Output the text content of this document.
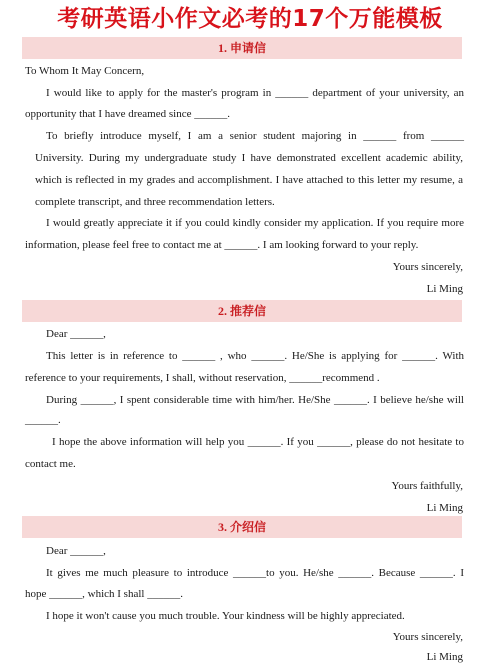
考研英语小作文必考的17个万能模板
1. 申请信
To Whom It May Concern,
I would like to apply for the master's program in ______ department of your university, an
opportunity that I have dreamed since ______.
To briefly introduce myself, I am a senior student majoring in ______ from ______
University. During my undergraduate study I have demonstrated excellent academic ability,
which is reflected in my grades and accomplishment. I have attached to this letter my resume, a
complete transcript, and three recommendation letters.
I would greatly appreciate it if you could kindly consider my application. If you require more
information, please feel free to contact me at ______. I am looking forward to your reply.
Yours sincerely,
Li Ming
2. 推荐信
Dear ______,
This letter is in reference to ______ , who ______. He/She is applying for ______. With
reference to your requirements, I shall, without reservation, ______recommend .
During ______, I spent considerable time with him/her. He/She ______. I believe he/she will
______.
I hope the above information will help you ______. If you ______, please do not hesitate to
contact me.
Yours faithfully,
Li Ming
3. 介绍信
Dear ______,
It gives me much pleasure to introduce ______to you. He/she ______. Because ______. I
hope ______, which I shall ______.
I hope it won't cause you much trouble. Your kindness will be highly appreciated.
Yours sincerely,
Li Ming
